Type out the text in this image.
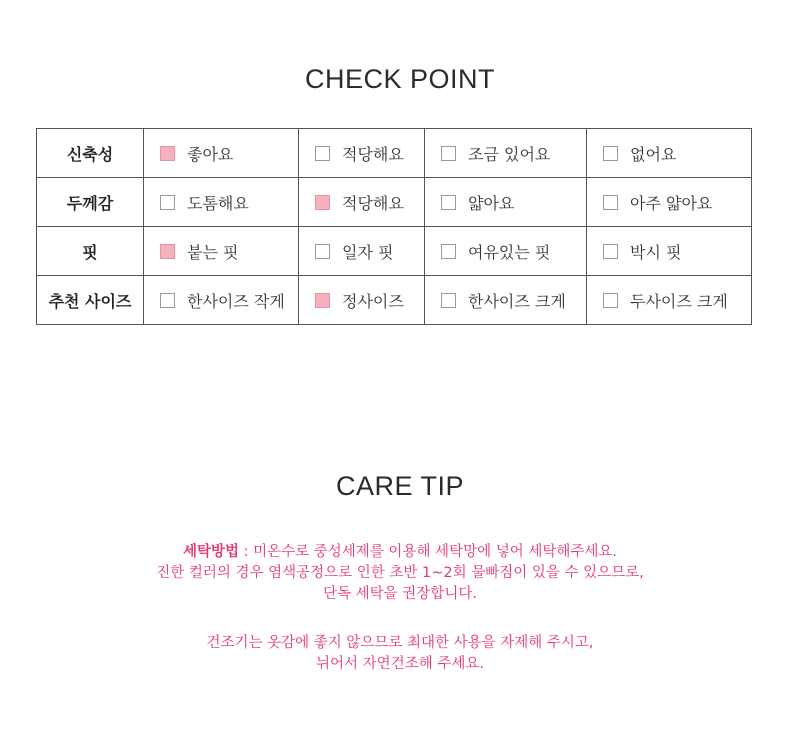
CHECK POINT
신축성	좋아요	적당해요	조금 있어요	없어요

두께감	도톰해요	적당해요	얇아요	아주 얇아요

핏	붙는 핏	일자 핏	여유있는 핏	박시 핏

추천 사이즈	한사이즈 작게	정사이즈	한사이즈 크게	두사이즈 크게
CARE TIP
세탁방법 : 미온수로 중성세제를 이용해 세탁망에 넣어 세탁해주세요.
진한 컬러의 경우 염색공정으로 인한 초반 1~2회 물빠짐이 있을 수 있으므로,
단독 세탁을 권장합니다.
건조기는 옷감에 좋지 않으므로 최대한 사용을 자제해 주시고,
뉘어서 자연건조해 주세요.
